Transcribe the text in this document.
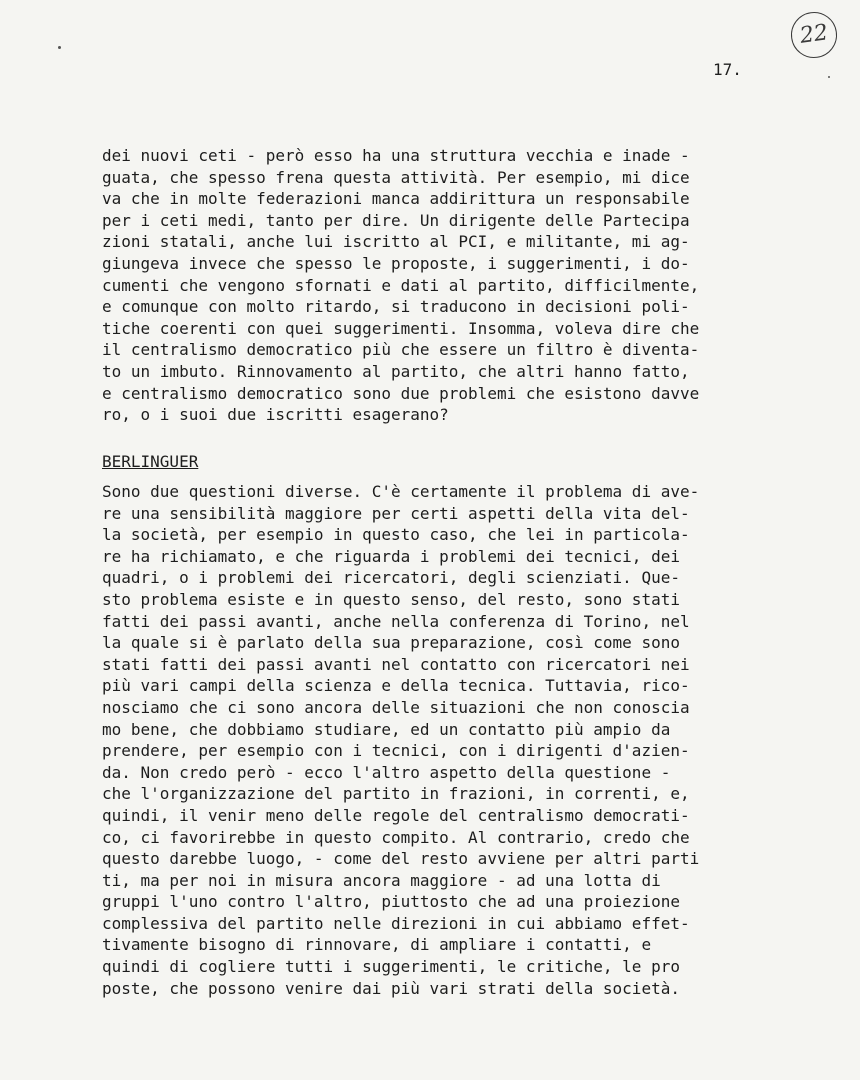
22
17.
dei nuovi ceti - però esso ha una struttura vecchia e inade -
guata, che spesso frena questa attività. Per esempio, mi dice
va che in molte federazioni manca addirittura un responsabile
per i ceti medi, tanto per dire. Un dirigente delle Partecipa
zioni statali, anche lui iscritto al PCI, e militante, mi ag-
giungeva invece che spesso le proposte, i suggerimenti, i do-
cumenti che vengono sfornati e dati al partito, difficilmente,
e comunque con molto ritardo, si traducono in decisioni poli-
tiche coerenti con quei suggerimenti. Insomma, voleva dire che
il centralismo democratico più che essere un filtro è diventa-
to un imbuto. Rinnovamento al partito, che altri hanno fatto,
e centralismo democratico sono due problemi che esistono davve
ro, o i suoi due iscritti esagerano?
BERLINGUER
Sono due questioni diverse. C'è certamente il problema di ave-
re una sensibilità maggiore per certi aspetti della vita del-
la società, per esempio in questo caso, che lei in particola-
re ha richiamato, e che riguarda i problemi dei tecnici, dei
quadri, o i problemi dei ricercatori, degli scienziati. Que-
sto problema esiste e in questo senso, del resto, sono stati
fatti dei passi avanti, anche nella conferenza di Torino, nel
la quale si è parlato della sua preparazione, così come sono
stati fatti dei passi avanti nel contatto con ricercatori nei
più vari campi della scienza e della tecnica. Tuttavia, rico-
nosciamo che ci sono ancora delle situazioni che non conoscia
mo bene, che dobbiamo studiare, ed un contatto più ampio da
prendere, per esempio con i tecnici, con i dirigenti d'azien-
da. Non credo però - ecco l'altro aspetto della questione -
che l'organizzazione del partito in frazioni, in correnti, e,
quindi, il venir meno delle regole del centralismo democrati-
co, ci favorirebbe in questo compito. Al contrario, credo che
questo darebbe luogo, - come del resto avviene per altri parti
ti, ma per noi in misura ancora maggiore - ad una lotta di
gruppi l'uno contro l'altro, piuttosto che ad una proiezione
complessiva del partito nelle direzioni in cui abbiamo effet-
tivamente bisogno di rinnovare, di ampliare i contatti, e
quindi di cogliere tutti i suggerimenti, le critiche, le pro
poste, che possono venire dai più vari strati della società.
